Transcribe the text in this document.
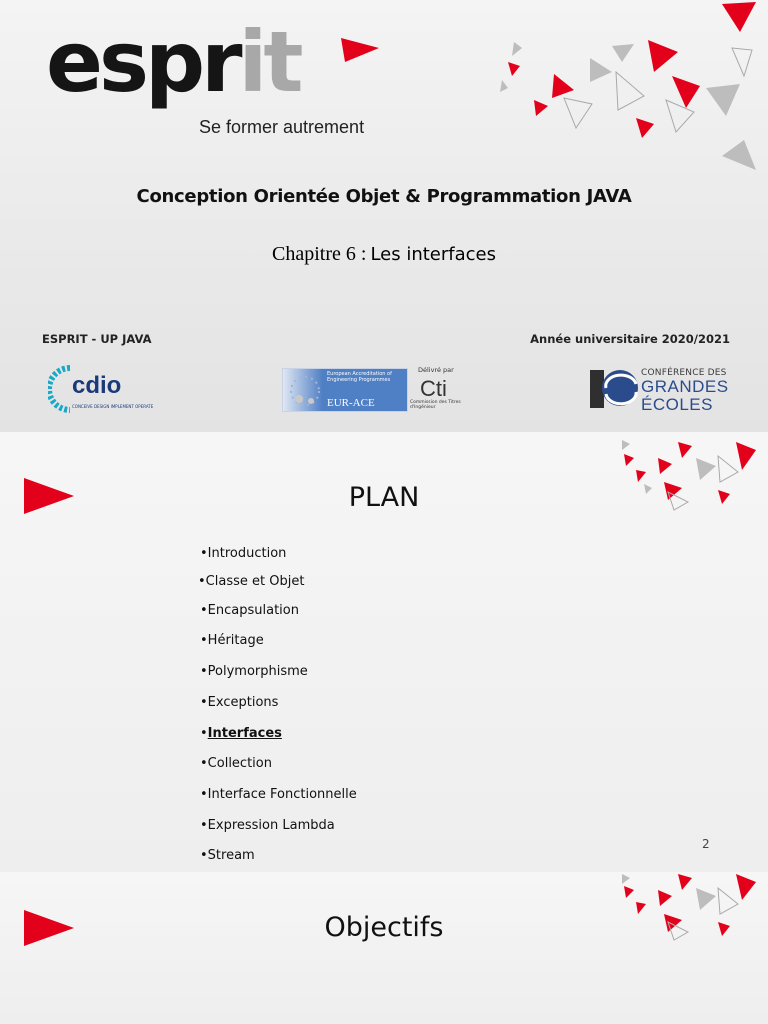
esprit
Se former autrement
Conception Orientée Objet & Programmation JAVA
Chapitre 6 : Les interfaces
ESPRIT - UP JAVA	Année universitaire 2020/2021
cdio
CONCEIVE DESIGN IMPLEMENT OPERATE
European Accreditation of Engineering Programmes
EUR-ACE
Délivré par
Cti
Commission des Titres d'Ingénieur
CONFÉRENCE DES
GRANDES
ÉCOLES
PLAN
•Introduction
•Classe et Objet
•Encapsulation
•Héritage
•Polymorphisme
•Exceptions
•Interfaces
•Collection
•Interface Fonctionnelle
•Expression Lambda
•Stream
2
Objectifs
